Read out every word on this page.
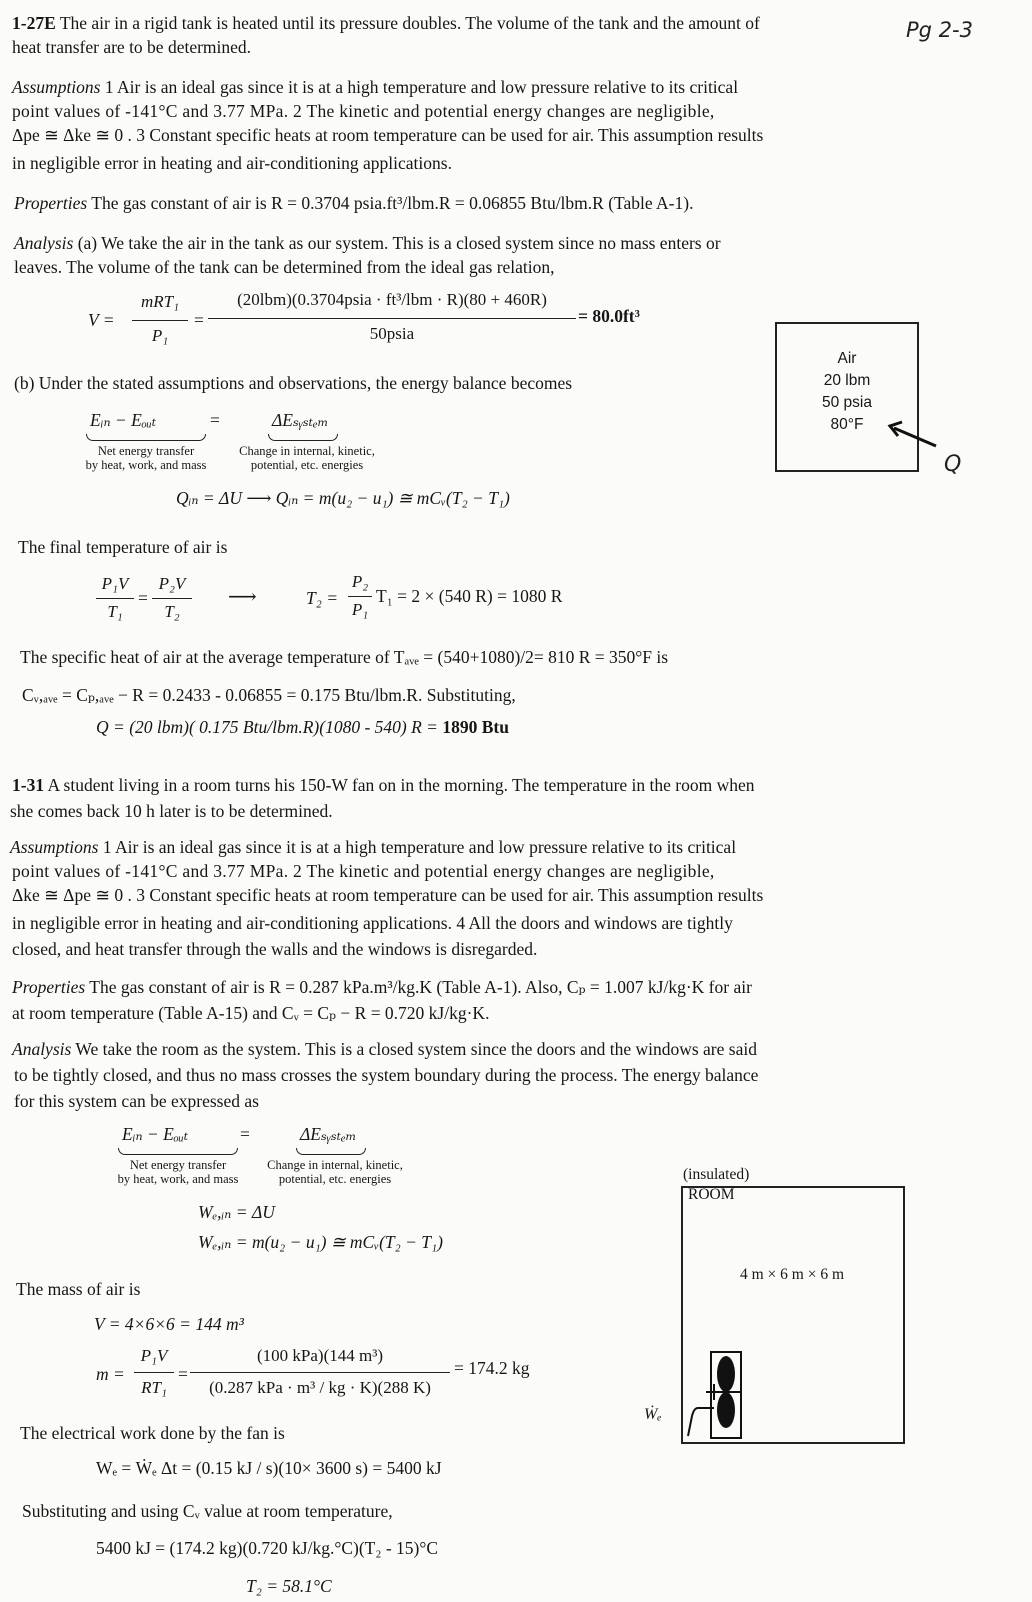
Pg 2-3
1-27E The air in a rigid tank is heated until its pressure doubles. The volume of the tank and the amount of
heat transfer are to be determined.
Assumptions 1 Air is an ideal gas since it is at a high temperature and low pressure relative to its critical
point values of -141°C and 3.77 MPa. 2 The kinetic and potential energy changes are negligible,
Δpe ≅ Δke ≅ 0 . 3 Constant specific heats at room temperature can be used for air. This assumption results
in negligible error in heating and air-conditioning applications.
Properties The gas constant of air is R = 0.3704 psia.ft³/lbm.R = 0.06855 Btu/lbm.R (Table A-1).
Analysis (a) We take the air in the tank as our system. This is a closed system since no mass enters or
leaves. The volume of the tank can be determined from the ideal gas relation,
V =
mRT₁
P₁
=
(20lbm)(0.3704psia · ft³/lbm · R)(80 + 460R)
50psia
= 80.0ft³
(b) Under the stated assumptions and observations, the energy balance becomes
Eᵢₙ − Eₒᵤₜ	=	ΔEₛᵧₛₜₑₘ
Net energy transfer
by heat, work, and mass
Change in internal, kinetic,
potential, etc. energies
Qᵢₙ = ΔU ⟶ Qᵢₙ = m(u₂ − u₁) ≅ mCᵥ(T₂ − T₁)
The final temperature of air is
P₁V
T₁
=
P₂V
T₂
⟶	T₂ =
P₂
P₁
T₁ = 2 × (540 R) = 1080 R
The specific heat of air at the average temperature of Tₐᵥₑ = (540+1080)/2= 810 R = 350°F is
Cᵥ,ₐᵥₑ = Cₚ,ₐᵥₑ − R = 0.2433 - 0.06855 = 0.175 Btu/lbm.R. Substituting,
Q = (20 lbm)( 0.175 Btu/lbm.R)(1080 - 540) R = 1890 Btu
Air
20 lbm
50 psia
80°F
Q
1-31 A student living in a room turns his 150-W fan on in the morning. The temperature in the room when
she comes back 10 h later is to be determined.
Assumptions 1 Air is an ideal gas since it is at a high temperature and low pressure relative to its critical
point values of -141°C and 3.77 MPa. 2 The kinetic and potential energy changes are negligible,
Δke ≅ Δpe ≅ 0 . 3 Constant specific heats at room temperature can be used for air. This assumption results
in negligible error in heating and air-conditioning applications. 4 All the doors and windows are tightly
closed, and heat transfer through the walls and the windows is disregarded.
Properties The gas constant of air is R = 0.287 kPa.m³/kg.K (Table A-1). Also, Cₚ = 1.007 kJ/kg·K for air
at room temperature (Table A-15) and Cᵥ = Cₚ − R = 0.720 kJ/kg·K.
Analysis We take the room as the system. This is a closed system since the doors and the windows are said
to be tightly closed, and thus no mass crosses the system boundary during the process. The energy balance
for this system can be expressed as
Eᵢₙ − Eₒᵤₜ	=	ΔEₛᵧₛₜₑₘ
Net energy transfer
by heat, work, and mass
Change in internal, kinetic,
potential, etc. energies
Wₑ,ᵢₙ = ΔU
Wₑ,ᵢₙ = m(u₂ − u₁) ≅ mCᵥ(T₂ − T₁)
The mass of air is
V = 4×6×6 = 144 m³
m =
P₁V
RT₁
=
(100 kPa)(144 m³)
(0.287 kPa · m³ / kg · K)(288 K)
= 174.2 kg
The electrical work done by the fan is
Wₑ = Ẇₑ Δt = (0.15 kJ / s)(10× 3600 s) = 5400 kJ
Substituting and using Cᵥ value at room temperature,
5400 kJ = (174.2 kg)(0.720 kJ/kg.°C)(T₂ - 15)°C
T₂ = 58.1°C
(insulated)
ROOM
4 m × 6 m × 6 m
Ẇₑ
